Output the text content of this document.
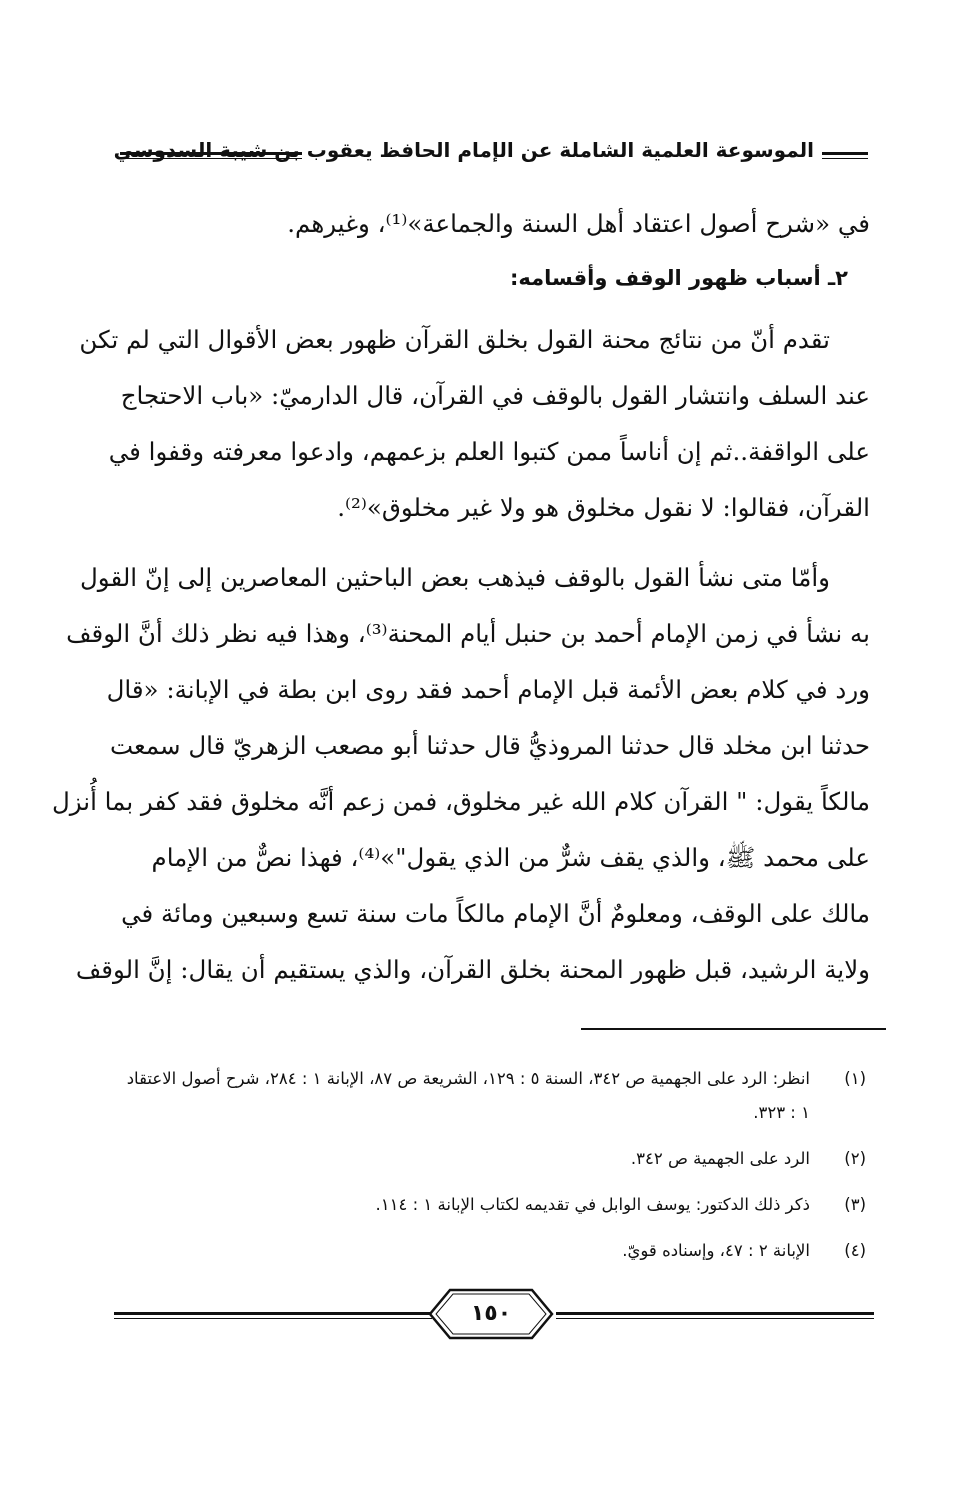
الموسوعة العلمية الشاملة عن الإمام الحافظ يعقوب بن شيبة السدوسي
في «شرح أصول اعتقاد أهل السنة والجماعة»⁽¹⁾، وغيرهم.
٢ـ أسباب ظهور الوقف وأقسامه:
تقدم أنّ من نتائج محنة القول بخلق القرآن ظهور بعض الأقوال التي لم تكن
عند السلف وانتشار القول بالوقف في القرآن، قال الدارميّ: «باب الاحتجاج
على الواقفة..ثم إن أناساً ممن كتبوا العلم بزعمهم، وادعوا معرفته وقفوا في
القرآن، فقالوا: لا نقول مخلوق هو ولا غير مخلوق»⁽²⁾.
وأمّا متى نشأ القول بالوقف فيذهب بعض الباحثين المعاصرين إلى إنّ القول
به نشأ في زمن الإمام أحمد بن حنبل أيام المحنة⁽³⁾، وهذا فيه نظر ذلك أنَّ الوقف
ورد في كلام بعض الأئمة قبل الإمام أحمد فقد روى ابن بطة في الإبانة: «قال
حدثنا ابن مخلد قال حدثنا المروذيُّ قال حدثنا أبو مصعب الزهريّ قال سمعت
مالكاً يقول: " القرآن كلام الله غير مخلوق، فمن زعم أنَّه مخلوق فقد كفر بما أُنزل
على محمد ﷺ، والذي يقف شرٌّ من الذي يقول"»⁽⁴⁾، فهذا نصٌّ من الإمام
مالك على الوقف، ومعلومٌ أنَّ الإمام مالكاً مات سنة تسع وسبعين ومائة في
ولاية الرشيد، قبل ظهور المحنة بخلق القرآن، والذي يستقيم أن يقال: إنَّ الوقف
(١)
انظر: الرد على الجهمية ص ٣٤٢، السنة ٥ : ١٢٩، الشريعة ص ٨٧، الإبانة ١ : ٢٨٤، شرح أصول الاعتقاد ١ : ٣٢٣.
(٢)
الرد على الجهمية ص ٣٤٢.
(٣)
ذكر ذلك الدكتور: يوسف الوابل في تقديمه لكتاب الإبانة ١ : ١١٤.
(٤)
الإبانة ٢ : ٤٧، وإسناده قويّ.
١٥٠
